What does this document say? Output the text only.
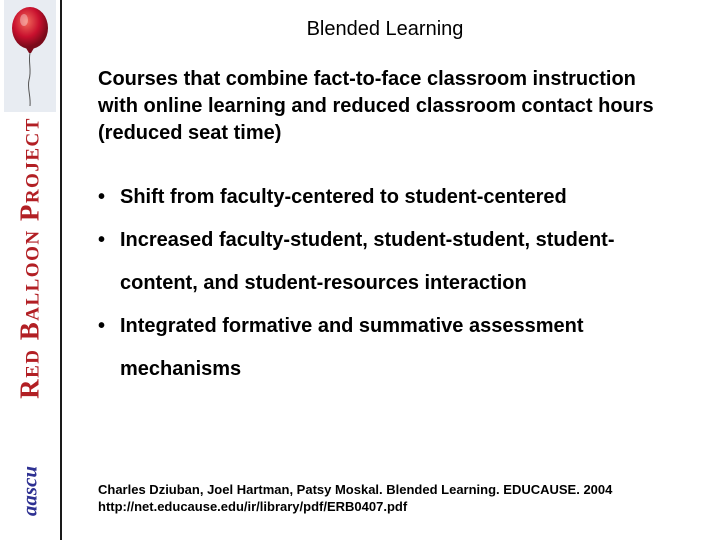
Red Balloon Project
aascu
Blended Learning

Courses that combine fact-to-face classroom instruction with online learning and reduced classroom contact hours (reduced seat time)

• Shift from faculty-centered to student-centered
• Increased faculty-student, student-student, student-content, and student-resources interaction
• Integrated formative and summative assessment mechanisms

Charles Dziuban, Joel Hartman, Patsy Moskal. Blended Learning. EDUCAUSE. 2004 http://net.educause.edu/ir/library/pdf/ERB0407.pdf
